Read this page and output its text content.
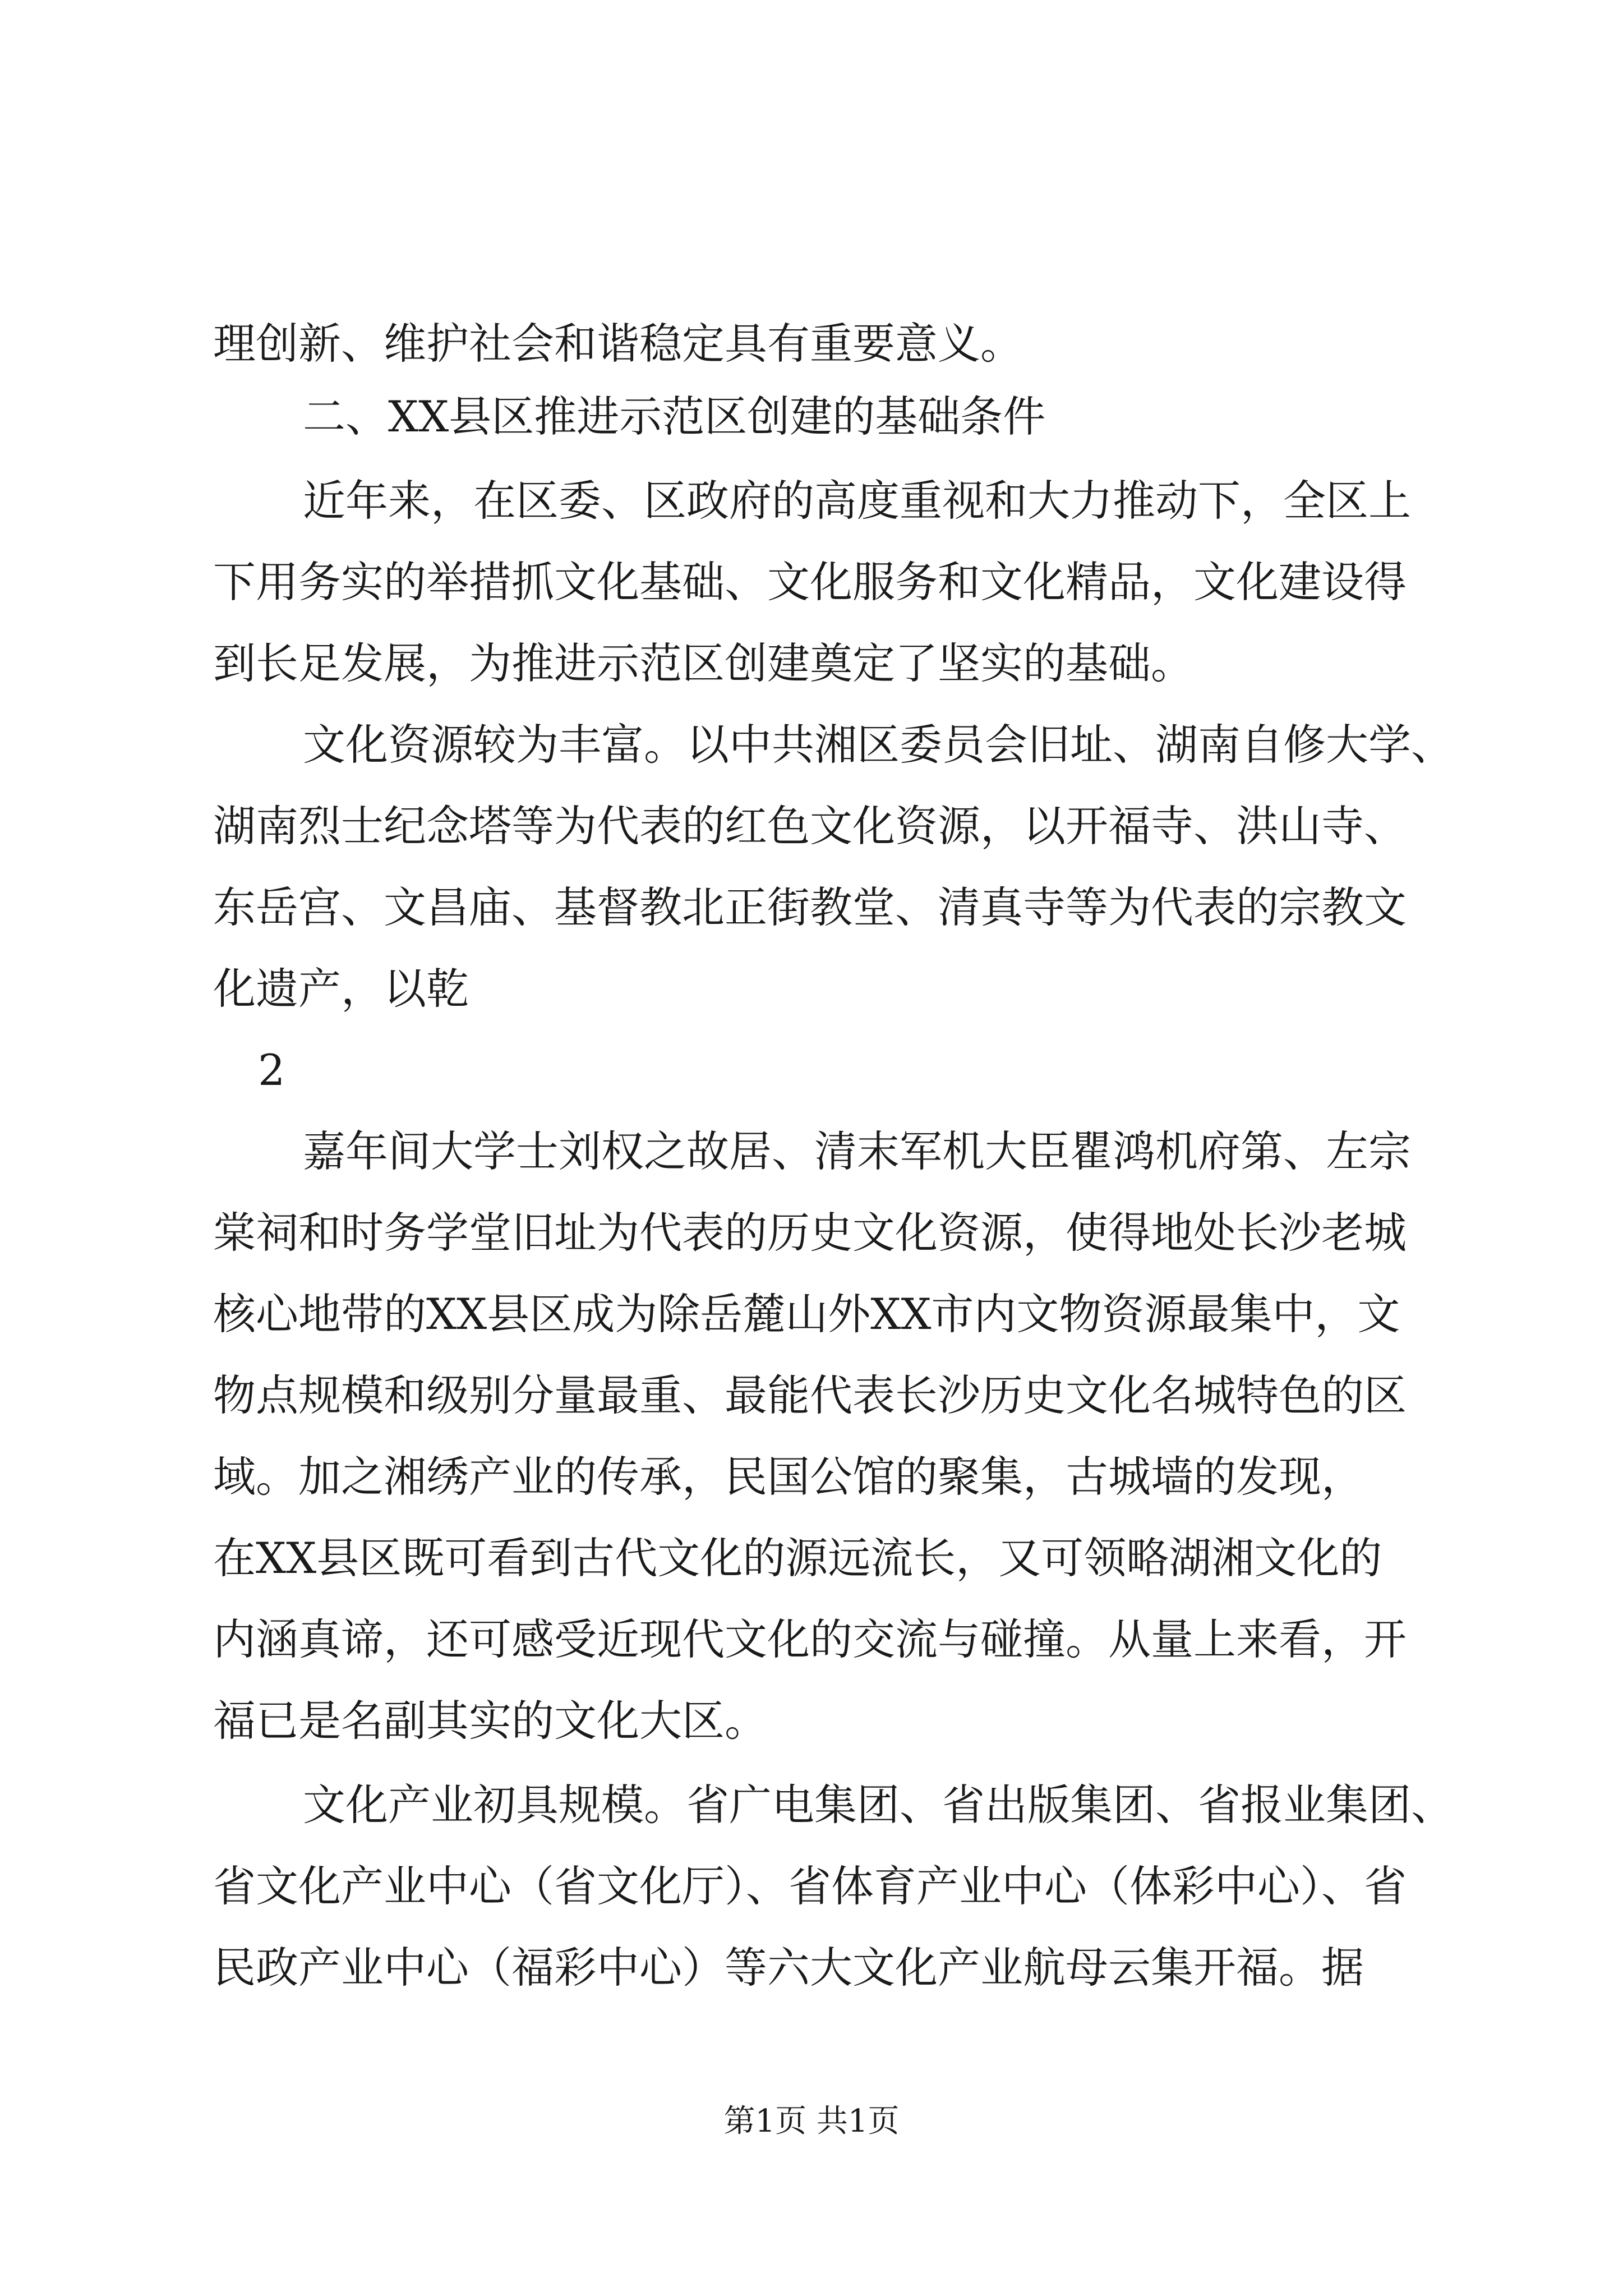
理创新、维护社会和谐稳定具有重要意义。
二、XX县区推进示范区创建的基础条件
近年来，在区委、区政府的高度重视和大力推动下，全区上
下用务实的举措抓文化基础、文化服务和文化精品，文化建设得
到长足发展，为推进示范区创建奠定了坚实的基础。
文化资源较为丰富。以中共湘区委员会旧址、湖南自修大学、
湖南烈士纪念塔等为代表的红色文化资源，以开福寺、洪山寺、
东岳宫、文昌庙、基督教北正街教堂、清真寺等为代表的宗教文
化遗产，以乾
2
嘉年间大学士刘权之故居、清末军机大臣瞿鸿机府第、左宗
棠祠和时务学堂旧址为代表的历史文化资源，使得地处长沙老城
核心地带的XX县区成为除岳麓山外XX市内文物资源最集中，文
物点规模和级别分量最重、最能代表长沙历史文化名城特色的区
域。加之湘绣产业的传承，民国公馆的聚集，古城墙的发现，
在XX县区既可看到古代文化的源远流长，又可领略湖湘文化的
内涵真谛，还可感受近现代文化的交流与碰撞。从量上来看，开
福已是名副其实的文化大区。
文化产业初具规模。省广电集团、省出版集团、省报业集团、
省文化产业中心（省文化厅）、省体育产业中心（体彩中心）、省
民政产业中心（福彩中心）等六大文化产业航母云集开福。据
第1页 共1页
